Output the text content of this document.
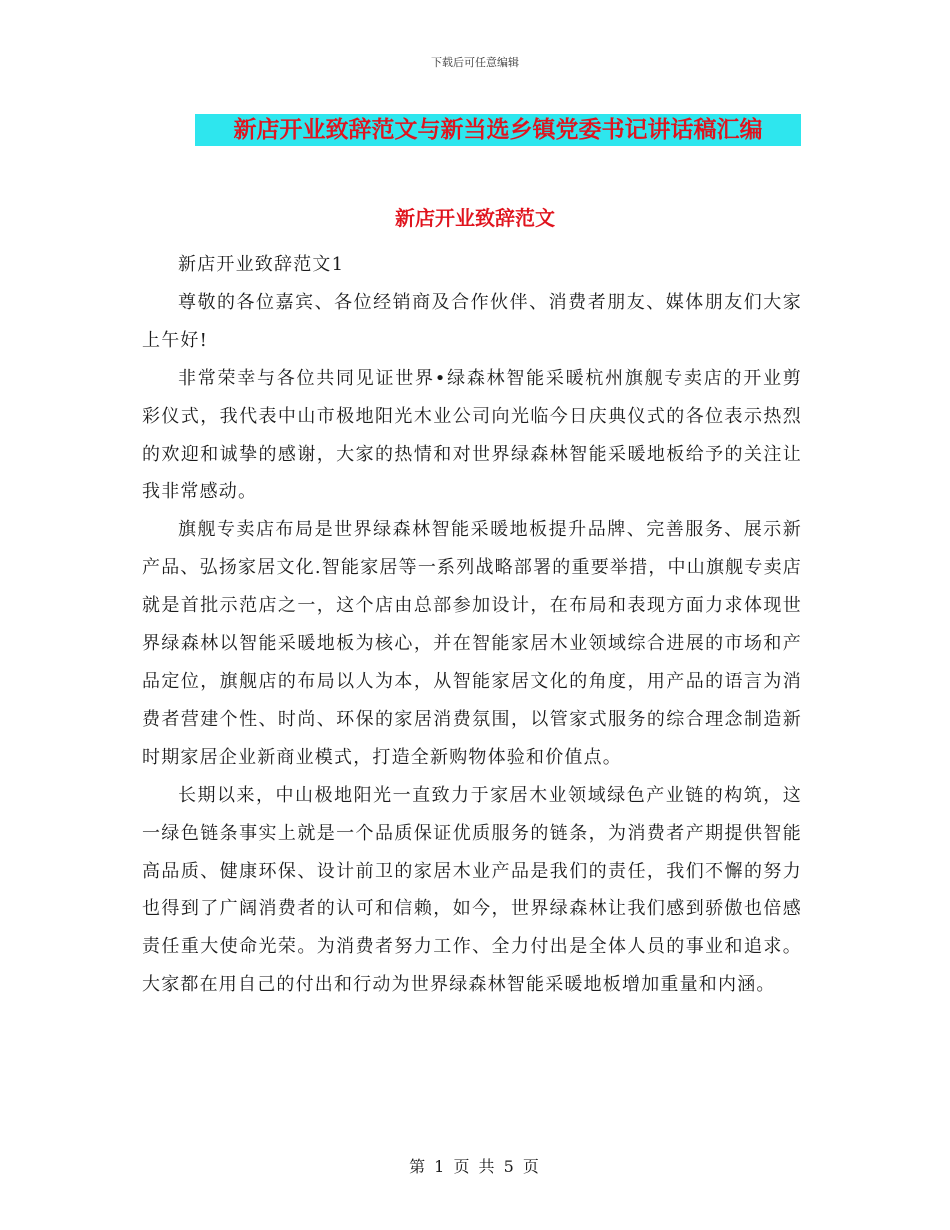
下载后可任意编辑
新店开业致辞范文与新当选乡镇党委书记讲话稿汇编
新店开业致辞范文

新店开业致辞范文1

尊敬的各位嘉宾、各位经销商及合作伙伴、消费者朋友、媒体朋友们大家上午好!

非常荣幸与各位共同见证世界•绿森林智能采暖杭州旗舰专卖店的开业剪彩仪式，我代表中山市极地阳光木业公司向光临今日庆典仪式的各位表示热烈的欢迎和诚挚的感谢，大家的热情和对世界绿森林智能采暖地板给予的关注让我非常感动。

旗舰专卖店布局是世界绿森林智能采暖地板提升品牌、完善服务、展示新产品、弘扬家居文化.智能家居等一系列战略部署的重要举措，中山旗舰专卖店就是首批示范店之一，这个店由总部参加设计，在布局和表现方面力求体现世界绿森林以智能采暖地板为核心，并在智能家居木业领域综合进展的市场和产品定位，旗舰店的布局以人为本，从智能家居文化的角度，用产品的语言为消费者营建个性、时尚、环保的家居消费氛围，以管家式服务的综合理念制造新时期家居企业新商业模式，打造全新购物体验和价值点。

长期以来，中山极地阳光一直致力于家居木业领域绿色产业链的构筑，这一绿色链条事实上就是一个品质保证优质服务的链条，为消费者产期提供智能高品质、健康环保、设计前卫的家居木业产品是我们的责任，我们不懈的努力也得到了广阔消费者的认可和信赖，如今，世界绿森林让我们感到骄傲也倍感责任重大使命光荣。为消费者努力工作、全力付出是全体人员的事业和追求。大家都在用自己的付出和行动为世界绿森林智能采暖地板增加重量和内涵。

第 1 页 共 5 页
